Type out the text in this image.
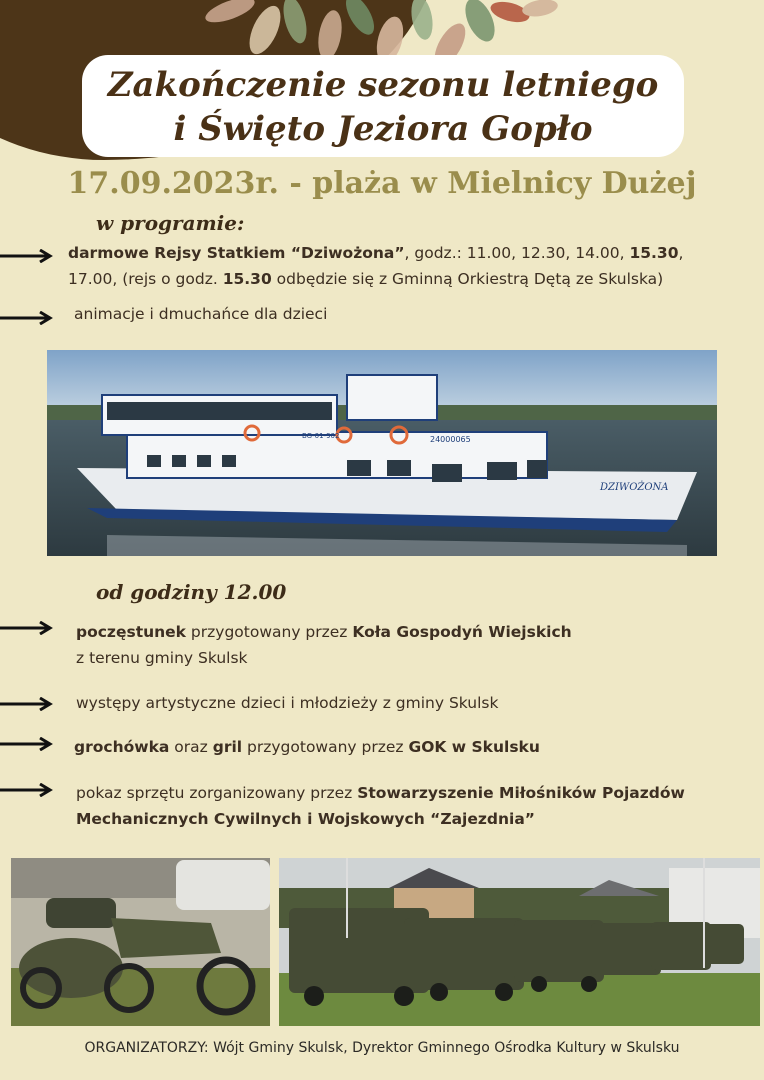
Zakończenie sezonu letniego
i Święto Jeziora Gopło
17.09.2023r. - plaża w Mielnicy Dużej
w programie:
darmowe Rejsy Statkiem “Dziwożona”, godz.: 11.00, 12.30, 14.00, 15.30,
17.00, (rejs o godz. 15.30 odbędzie się z Gminną Orkiestrą Dętą ze Skulska)
animacje i dmuchańce dla dzieci
BG-01-902	24000065
DZIWOŻONA
od godziny 12.00
poczęstunek przygotowany przez Koła Gospodyń Wiejskich
z terenu gminy Skulsk
występy artystyczne dzieci i młodzieży z gminy Skulsk
grochówka oraz gril przygotowany przez GOK w Skulsku
pokaz sprzętu zorganizowany przez Stowarzyszenie Miłośników Pojazdów
Mechanicznych Cywilnych i Wojskowych “Zajezdnia”
ORGANIZATORZY: Wójt Gminy Skulsk, Dyrektor Gminnego Ośrodka Kultury w Skulsku
